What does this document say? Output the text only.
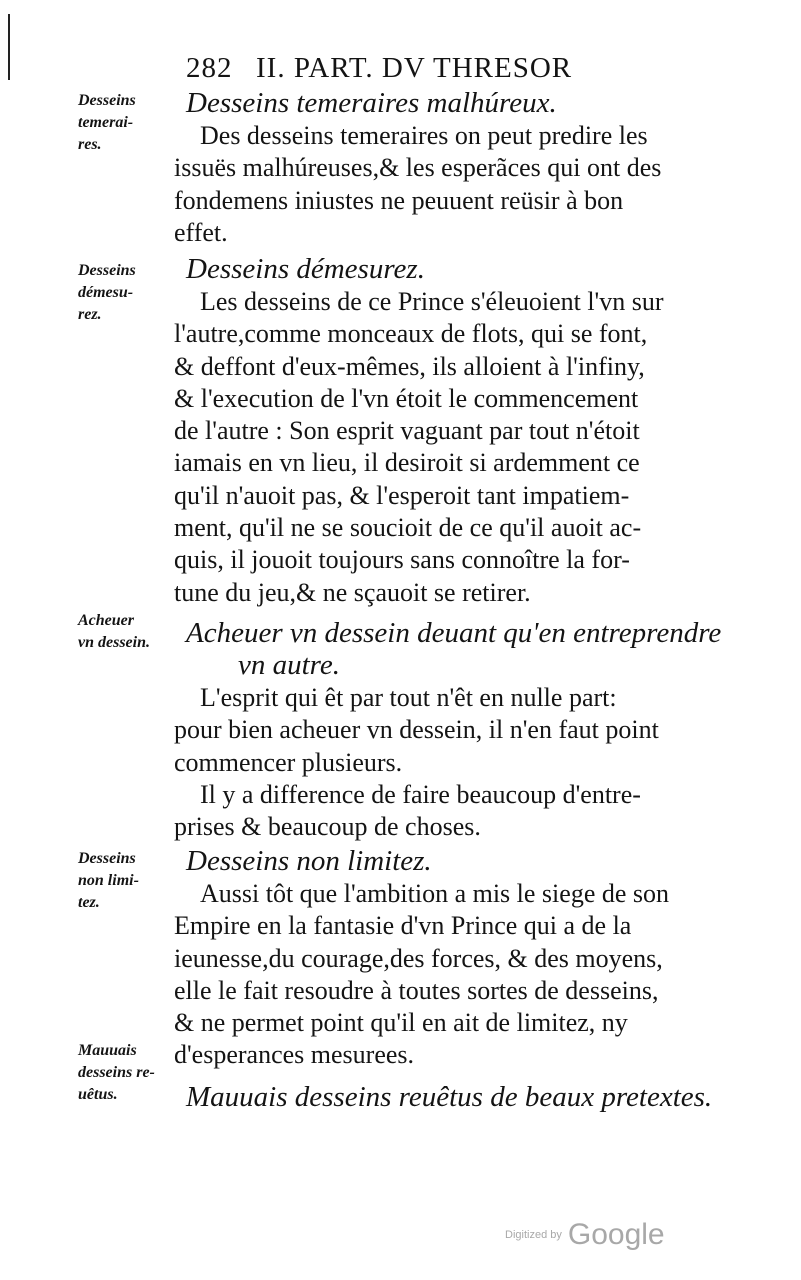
282 II. PART. DV THRESOR
Desseins
temerai-
res.
Desseins temeraires malhúreux.
Des desseins temeraires on peut predire les
issuës malhúreuses,& les esperãces qui ont des
fondemens iniustes ne peuuent reüsir à bon
effet.
Desseins
démesu-
rez.
Desseins démesurez.
Les desseins de ce Prince s'éleuoient l'vn sur
l'autre,comme monceaux de flots, qui se font,
& deffont d'eux-mêmes, ils alloient à l'infiny,
& l'execution de l'vn étoit le commencement
de l'autre : Son esprit vaguant par tout n'étoit
iamais en vn lieu, il desiroit si ardemment ce
qu'il n'auoit pas, & l'esperoit tant impatiem-
ment, qu'il ne se soucioit de ce qu'il auoit ac-
quis, il jouoit toujours sans connoître la for-
tune du jeu,& ne sçauoit se retirer.
Acheuer
vn dessein.	Acheuer vn dessein deuant qu'en entreprendre
vn autre.
L'esprit qui êt par tout n'êt en nulle part:
pour bien acheuer vn dessein, il n'en faut point
commencer plusieurs.
Il y a difference de faire beaucoup d'entre-
prises & beaucoup de choses.
Desseins
non limi-
tez.
Desseins non limitez.
Aussi tôt que l'ambition a mis le siege de son
Empire en la fantasie d'vn Prince qui a de la
ieunesse,du courage,des forces, & des moyens,
elle le fait resoudre à toutes sortes de desseins,
& ne permet point qu'il en ait de limitez, ny
d'esperances mesurees.
Mauuais
desseins re-
uêtus.	Mauuais desseins reuêtus de beaux pretextes.
Digitized by Google
